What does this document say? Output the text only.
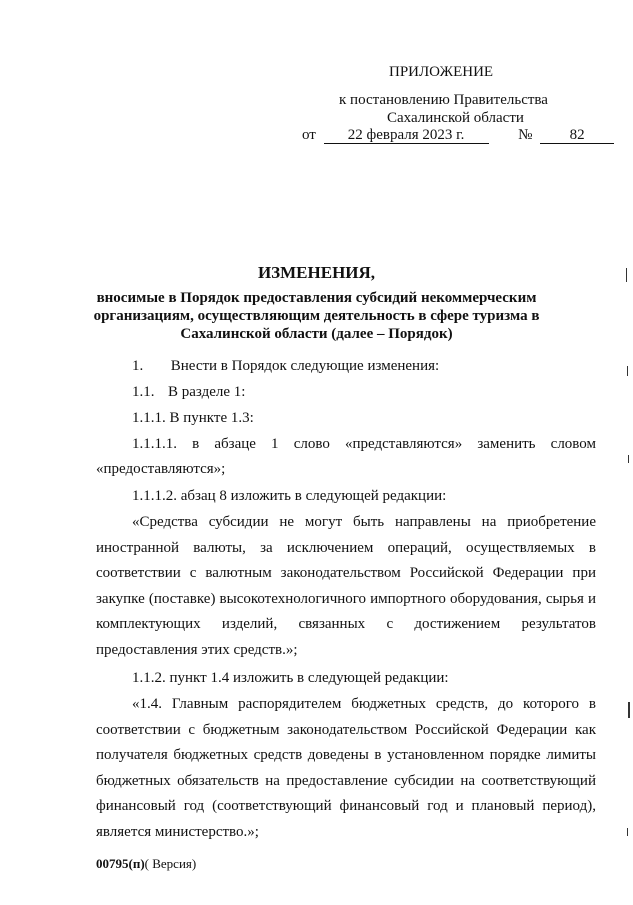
ПРИЛОЖЕНИЕ
к постановлению Правительства
Сахалинской области
от 22 февраля 2023 г.	№ 82
ИЗМЕНЕНИЯ,
вносимые в Порядок предоставления субсидий некоммерческим
организациям, осуществляющим деятельность в сфере туризма в
Сахалинской области (далее – Порядок)
1. Внести в Порядок следующие изменения:
1.1. В разделе 1:
1.1.1. В пункте 1.3:
1.1.1.1. в абзаце 1 слово «представляются» заменить словом
«предоставляются»;
1.1.1.2. абзац 8 изложить в следующей редакции:
«Средства субсидии не могут быть направлены на приобретение иностранной валюты, за исключением операций, осуществляемых в соответствии с валютным законодательством Российской Федерации при закупке (поставке) высокотехнологичного импортного оборудования, сырья и комплектующих изделий, связанных с достижением результатов предоставления этих средств.»;
1.1.2. пункт 1.4 изложить в следующей редакции:
«1.4. Главным распорядителем бюджетных средств, до которого в соответствии с бюджетным законодательством Российской Федерации как получателя бюджетных средств доведены в установленном порядке лимиты бюджетных обязательств на предоставление субсидии на соответствующий финансовый год (соответствующий финансовый год и плановый период), является министерство.»;
00795(п)( Версия)
